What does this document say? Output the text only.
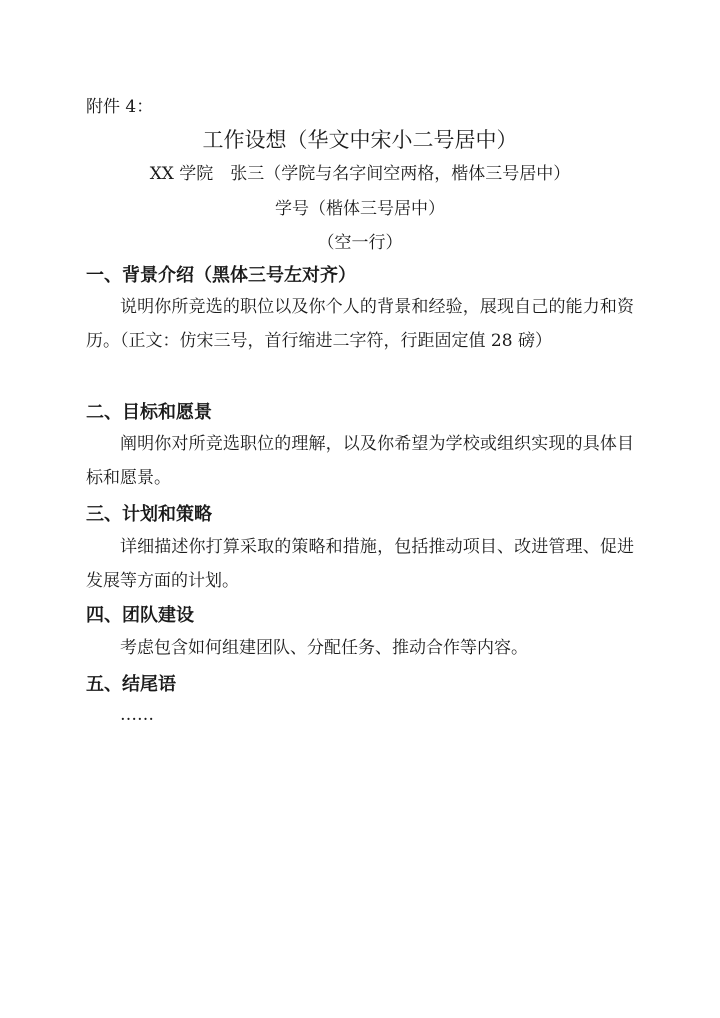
附件 4：
工作设想（华文中宋小二号居中）
XX 学院　张三（学院与名字间空两格，楷体三号居中）
学号（楷体三号居中）
（空一行）
一、背景介绍（黑体三号左对齐）

说明你所竞选的职位以及你个人的背景和经验，展现自己的能力和资历。（正文：仿宋三号，首行缩进二字符，行距固定值 28 磅）

二、目标和愿景

阐明你对所竞选职位的理解，以及你希望为学校或组织实现的具体目标和愿景。

三、计划和策略

详细描述你打算采取的策略和措施，包括推动项目、改进管理、促进发展等方面的计划。

四、团队建设

考虑包含如何组建团队、分配任务、推动合作等内容。

五、结尾语

……
